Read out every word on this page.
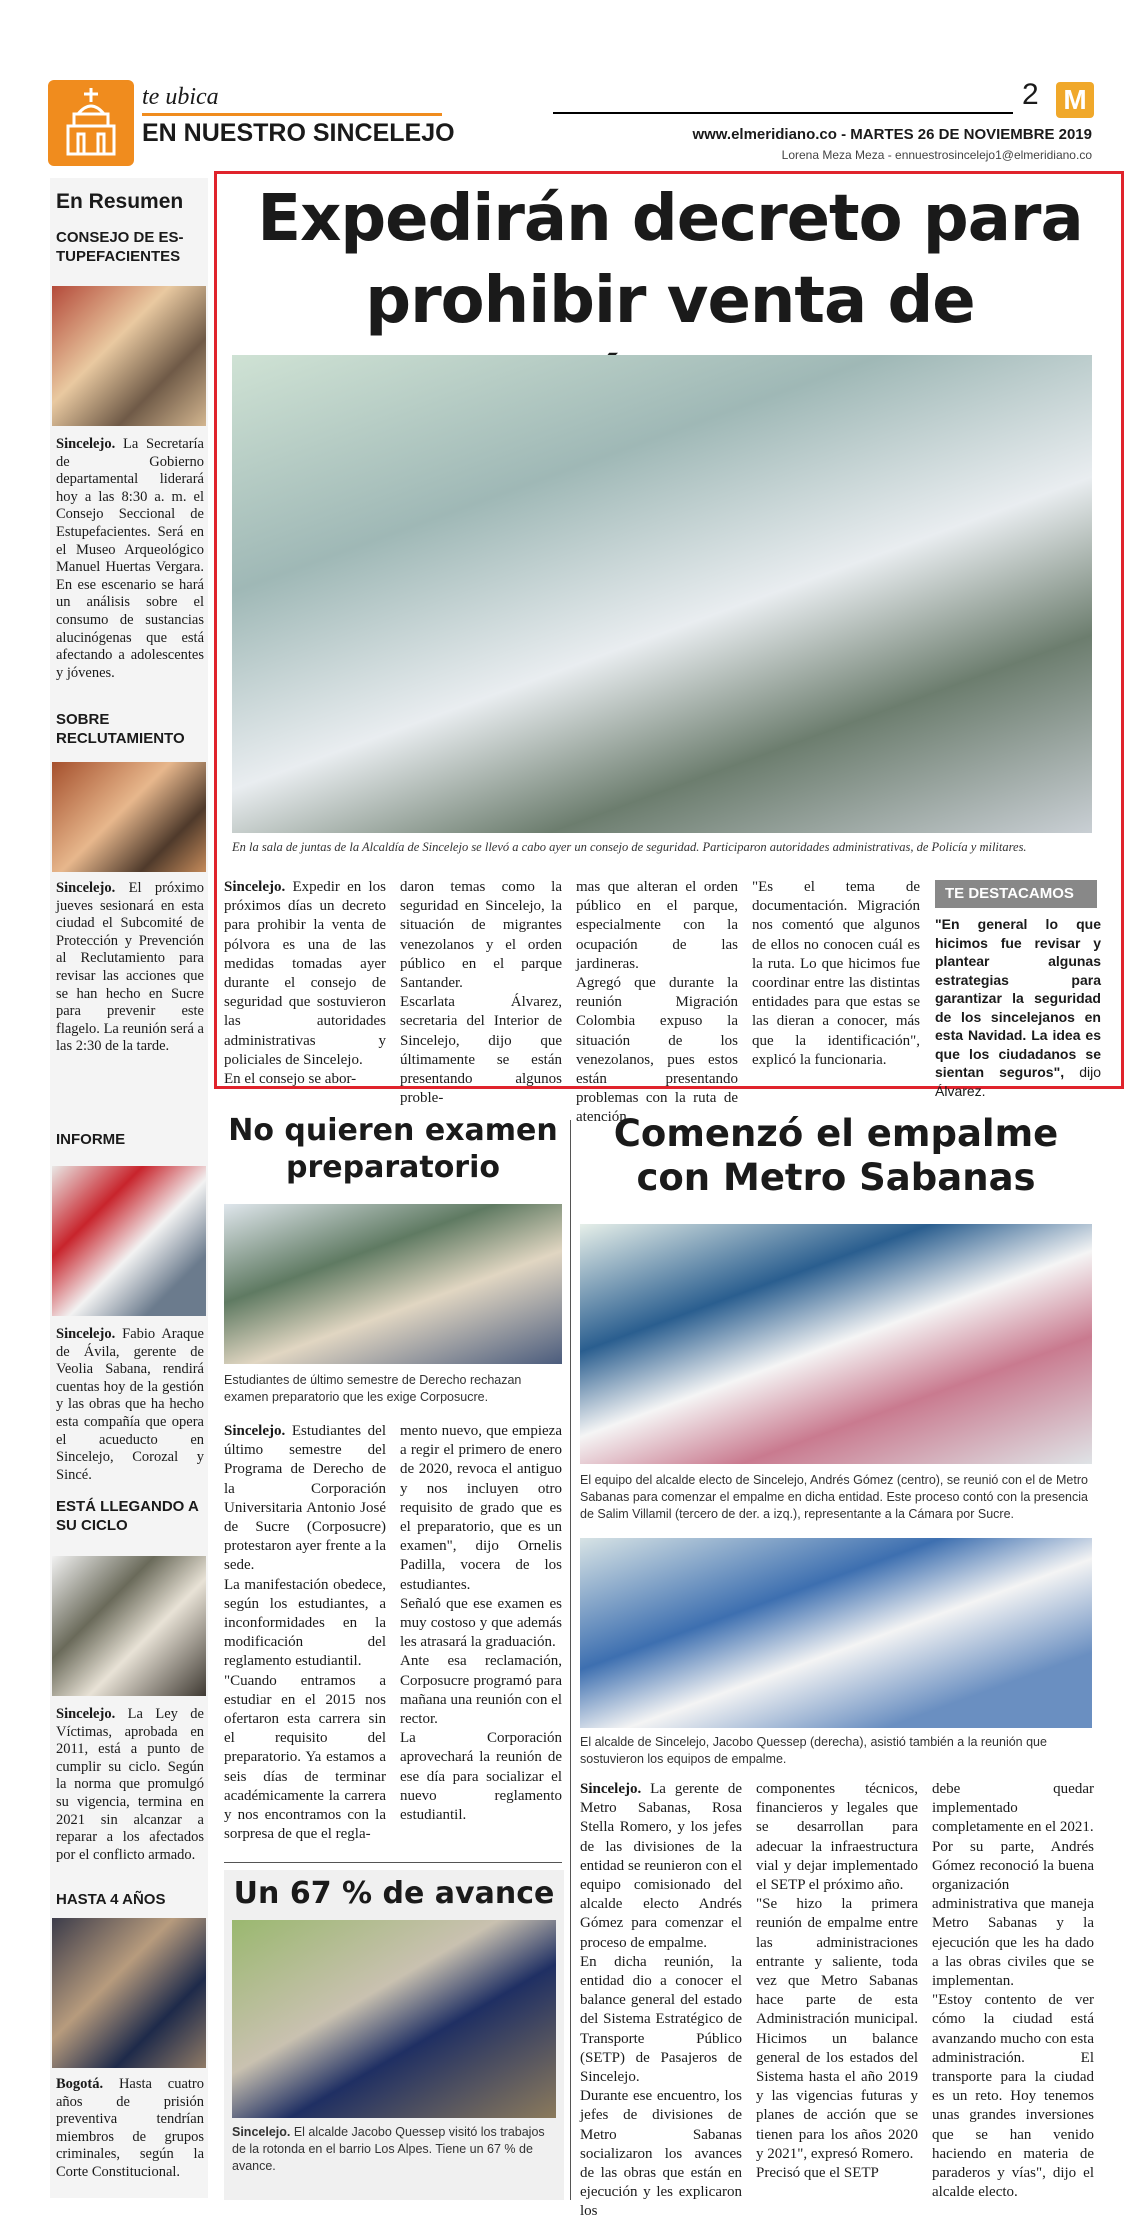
te ubica
EN NUESTRO SINCELEJO
2 M
www.elmeridiano.co - MARTES 26 DE NOVIEMBRE 2019
Lorena Meza Meza - ennuestrosincelejo1@elmeridiano.co
En Resumen
CONSEJO DE ES-TUPEFACIENTES
Sincelejo. La Secretaría de Gobierno departamental liderará hoy a las 8:30 a. m. el Consejo Seccional de Estupefacientes. Será en el Museo Arqueológico Manuel Huertas Vergara. En ese escenario se hará un análisis sobre el consumo de sustancias alucinógenas que está afectando a adolescentes y jóvenes.
SOBRE RECLUTAMIENTO
Sincelejo. El próximo jueves sesionará en esta ciudad el Subcomité de Protección y Prevención al Reclutamiento para revisar las acciones que se han hecho en Sucre para prevenir este flagelo. La reunión será a las 2:30 de la tarde.
INFORME
Sincelejo. Fabio Araque de Ávila, gerente de Veolia Sabana, rendirá cuentas hoy de la gestión y las obras que ha hecho esta compañía que opera el acueducto en Sincelejo, Corozal y Sincé.
ESTÁ LLEGANDO A SU CICLO
Sincelejo. La Ley de Víctimas, aprobada en 2011, está a punto de cumplir su ciclo. Según la norma que promulgó su vigencia, termina en 2021 sin alcanzar a reparar a los afectados por el conflicto armado.
HASTA 4 AÑOS
Bogotá. Hasta cuatro años de prisión preventiva tendrían miembros de grupos criminales, según la Corte Constitucional.
Expedirán decreto para prohibir venta de
En la sala de juntas de la Alcaldía de Sincelejo se llevó a cabo ayer un consejo de seguridad. Participaron autoridades administrativas, de Policía y militares.
Sincelejo. Expedir en los próximos días un decreto para prohibir la venta de pólvora es una de las medidas tomadas ayer durante el consejo de seguridad que sostuvieron las autoridades administrativas y policiales de Sincelejo.
En el consejo se abor-
daron temas como la seguridad en Sincelejo, la situación de migrantes venezolanos y el orden público en el parque Santander.
Escarlata Álvarez, secretaria del Interior de Sincelejo, dijo que últimamente se están presentando algunos proble-
mas que alteran el orden público en el parque, especialmente con la ocupación de las jardineras.
Agregó que durante la reunión Migración Colombia expuso la situación de los venezolanos, pues estos están presentando problemas con la ruta de atención.
"Es el tema de documentación. Migración nos comentó que algunos de ellos no conocen cuál es la ruta. Lo que hicimos fue coordinar entre las distintas entidades para que estas se las dieran a conocer, más que la identificación", explicó la funcionaria.
TE DESTACAMOS
"En general lo que hicimos fue revisar y plantear algunas estrategias para garantizar la seguridad de los sincelejanos en esta Navidad. La idea es que los ciudadanos se sientan seguros", dijo Álvarez.
No quieren examen preparatorio
Estudiantes de último semestre de Derecho rechazan examen preparatorio que les exige Corposucre.
Sincelejo. Estudiantes del último semestre del Programa de Derecho de la Corporación Universitaria Antonio José de Sucre (Corposucre) protestaron ayer frente a la sede.
La manifestación obedece, según los estudiantes, a inconformidades en la modificación del reglamento estudiantil.
"Cuando entramos a estudiar en el 2015 nos ofertaron esta carrera sin el requisito del preparatorio. Ya estamos a seis días de terminar académicamente la carrera y nos encontramos con la sorpresa de que el regla-
mento nuevo, que empieza a regir el primero de enero de 2020, revoca el antiguo y nos incluyen otro requisito de grado que es el preparatorio, que es un examen", dijo Ornelis Padilla, vocera de los estudiantes.
Señaló que ese examen es muy costoso y que además les atrasará la graduación.
Ante esa reclamación, Corposucre programó para mañana una reunión con el rector.
La Corporación aprovechará la reunión de ese día para socializar el nuevo reglamento estudiantil.
Un 67 % de avance
Sincelejo. El alcalde Jacobo Quessep visitó los trabajos de la rotonda en el barrio Los Alpes. Tiene un 67 % de avance.
Comenzó el empalme con Metro Sabanas
El equipo del alcalde electo de Sincelejo, Andrés Gómez (centro), se reunió con el de Metro Sabanas para comenzar el empalme en dicha entidad. Este proceso contó con la presencia de Salim Villamil (tercero de der. a izq.), representante a la Cámara por Sucre.
El alcalde de Sincelejo, Jacobo Quessep (derecha), asistió también a la reunión que sostuvieron los equipos de empalme.
Sincelejo. La gerente de Metro Sabanas, Rosa Stella Romero, y los jefes de las divisiones de la entidad se reunieron con el equipo comisionado del alcalde electo Andrés Gómez para comenzar el proceso de empalme.
En dicha reunión, la entidad dio a conocer el balance general del estado del Sistema Estratégico de Transporte Público (SETP) de Pasajeros de Sincelejo.
Durante ese encuentro, los jefes de divisiones de Metro Sabanas socializaron los avances de las obras que están en ejecución y les explicaron los
componentes técnicos, financieros y legales que se desarrollan para adecuar la infraestructura vial y dejar implementado el SETP el próximo año.
"Se hizo la primera reunión de empalme entre las administraciones entrante y saliente, toda vez que Metro Sabanas hace parte de esta Administración municipal. Hicimos un balance general de los estados del Sistema hasta el año 2019 y las vigencias futuras y planes de acción que se tienen para los años 2020 y 2021", expresó Romero.
Precisó que el SETP
debe quedar implementado completamente en el 2021.
Por su parte, Andrés Gómez reconoció la buena organización administrativa que maneja Metro Sabanas y la ejecución que les ha dado a las obras civiles que se implementan.
"Estoy contento de ver cómo la ciudad está avanzando mucho con esta administración. El transporte para la ciudad es un reto. Hoy tenemos unas grandes inversiones que se han venido haciendo en materia de paraderos y vías", dijo el alcalde electo.
